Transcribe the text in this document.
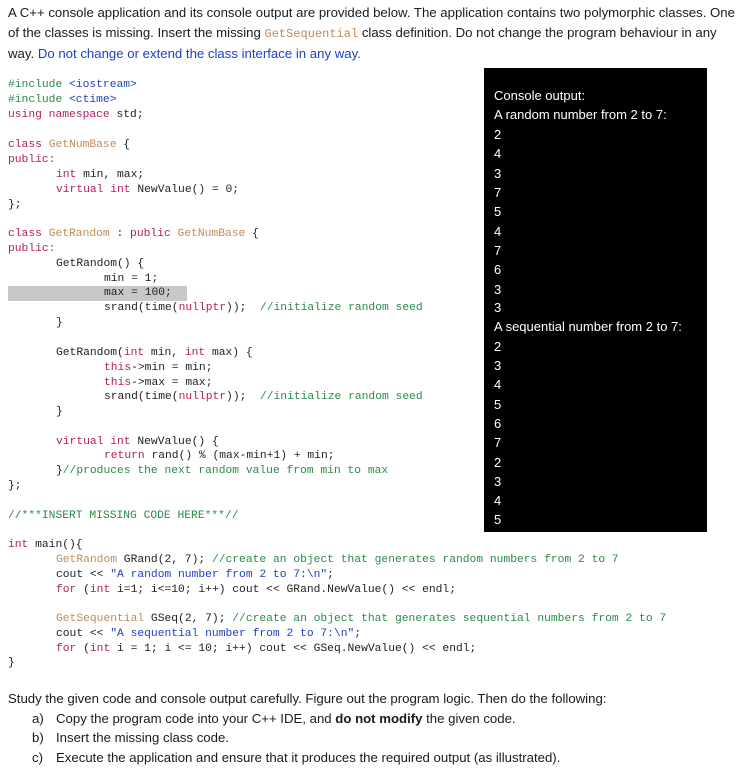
A C++ console application and its console output are provided below. The application contains two polymorphic classes. One of the classes is missing. Insert the missing GetSequential class definition. Do not change the program behaviour in any way. Do not change or extend the class interface in any way.
#include <iostream>
#include <ctime>
using namespace std;
class GetNumBase {
public:
int min, max;
virtual int NewValue() = 0;
};
class GetRandom : public GetNumBase {
public:
GetRandom() {
min = 1;
max = 100;
srand(time(nullptr));  //initialize random seed
}
GetRandom(int min, int max) {
this->min = min;
this->max = max;
srand(time(nullptr));  //initialize random seed
}
virtual int NewValue() {
return rand() % (max-min+1) + min;
}//produces the next random value from min to max
};
//***INSERT MISSING CODE HERE***//
int main(){
GetRandom GRand(2, 7); //create an object that generates random numbers from 2 to 7
cout << "A random number from 2 to 7:\n";
for (int i=1; i<=10; i++) cout << GRand.NewValue() << endl;
GetSequential GSeq(2, 7); //create an object that generates sequential numbers from 2 to 7
cout << "A sequential number from 2 to 7:\n";
for (int i = 1; i <= 10; i++) cout << GSeq.NewValue() << endl;
}
Console output:
A random number from 2 to 7:
2
4
3
7
5
4
7
6
3
3
A sequential number from 2 to 7:
2
3
4
5
6
7
2
3
4
5
Study the given code and console output carefully. Figure out the program logic. Then do the following:
a) Copy the program code into your C++ IDE, and do not modify the given code.
b) Insert the missing class code.
c) Execute the application and ensure that it produces the required output (as illustrated).
